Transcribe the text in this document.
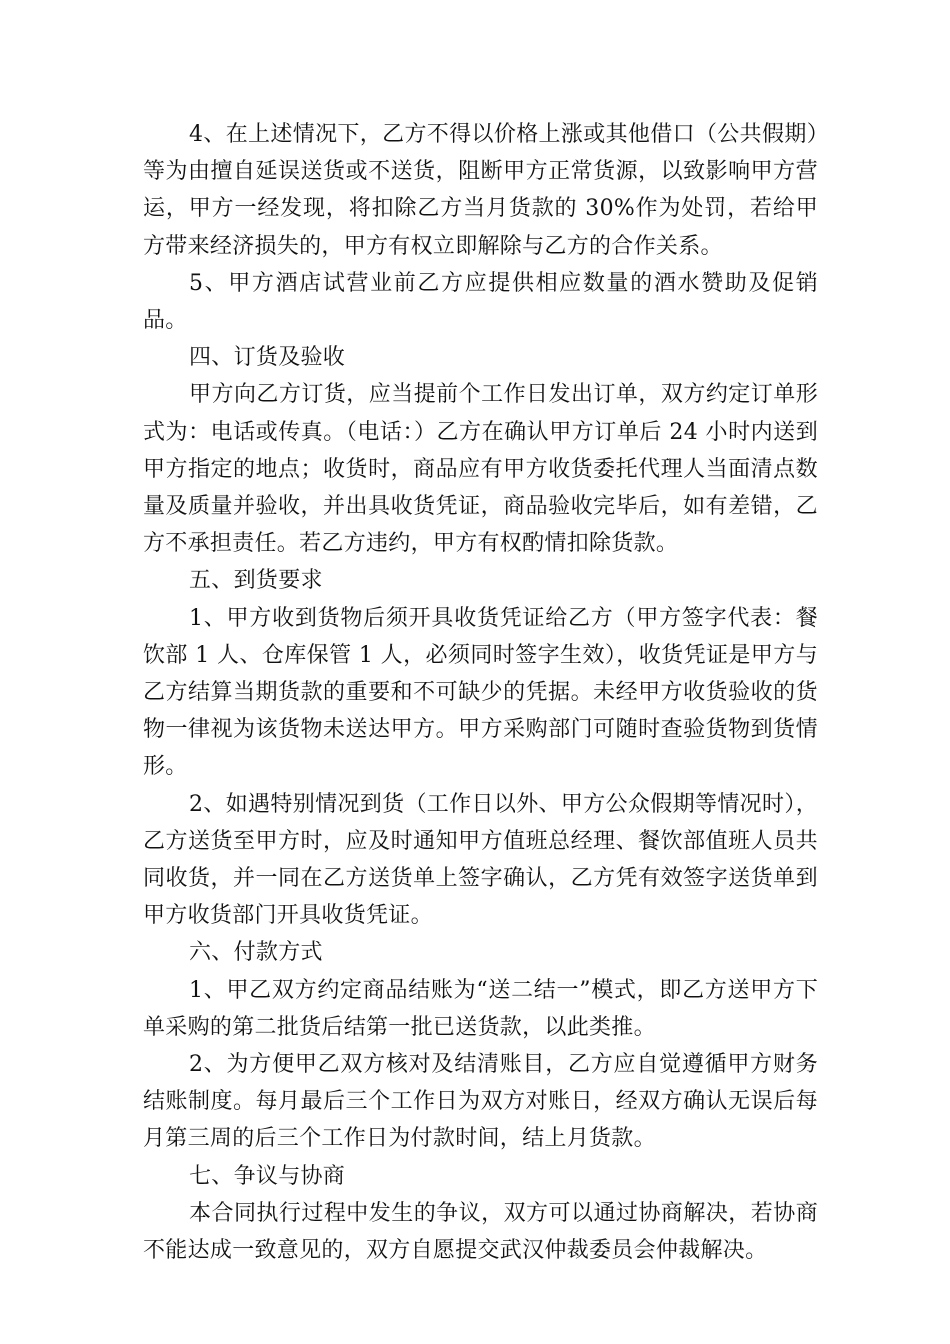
4、在上述情况下，乙方不得以价格上涨或其他借口（公共假期）等为由擅自延误送货或不送货，阻断甲方正常货源，以致影响甲方营运，甲方一经发现，将扣除乙方当月货款的 30%作为处罚，若给甲方带来经济损失的，甲方有权立即解除与乙方的合作关系。

5、甲方酒店试营业前乙方应提供相应数量的酒水赞助及促销品。

四、订货及验收

甲方向乙方订货，应当提前个工作日发出订单，双方约定订单形式为：电话或传真。（电话：）乙方在确认甲方订单后 24 小时内送到甲方指定的地点；收货时，商品应有甲方收货委托代理人当面清点数量及质量并验收，并出具收货凭证，商品验收完毕后，如有差错，乙方不承担责任。若乙方违约，甲方有权酌情扣除货款。

五、到货要求

1、甲方收到货物后须开具收货凭证给乙方（甲方签字代表：餐饮部 1 人、仓库保管 1 人，必须同时签字生效），收货凭证是甲方与乙方结算当期货款的重要和不可缺少的凭据。未经甲方收货验收的货物一律视为该货物未送达甲方。甲方采购部门可随时查验货物到货情形。

2、如遇特别情况到货（工作日以外、甲方公众假期等情况时），乙方送货至甲方时，应及时通知甲方值班总经理、餐饮部值班人员共同收货，并一同在乙方送货单上签字确认，乙方凭有效签字送货单到甲方收货部门开具收货凭证。

六、付款方式

1、甲乙双方约定商品结账为“送二结一”模式，即乙方送甲方下单采购的第二批货后结第一批已送货款，以此类推。

2、为方便甲乙双方核对及结清账目，乙方应自觉遵循甲方财务结账制度。每月最后三个工作日为双方对账日，经双方确认无误后每月第三周的后三个工作日为付款时间，结上月货款。

七、争议与协商

本合同执行过程中发生的争议，双方可以通过协商解决，若协商不能达成一致意见的，双方自愿提交武汉仲裁委员会仲裁解决。
